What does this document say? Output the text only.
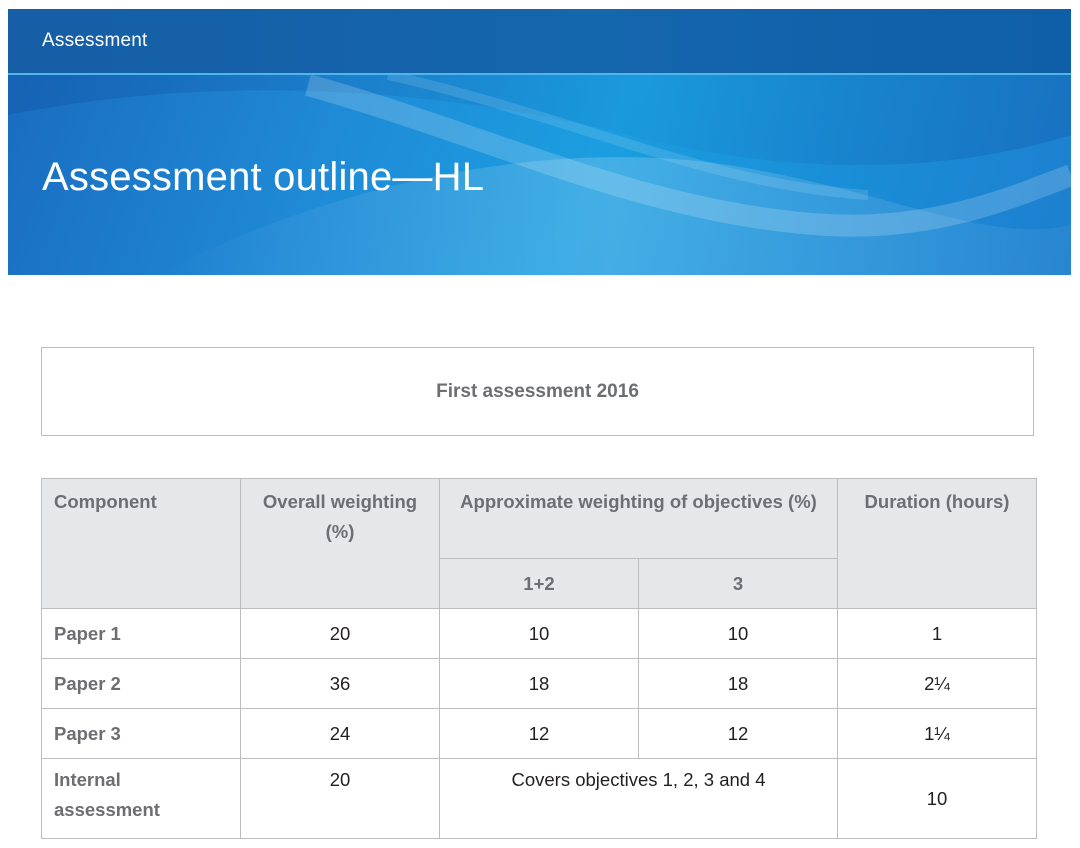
Assessment
Assessment outline—HL
First assessment 2016
Component	Overall weighting (%)	Approximate weighting of objectives (%)		Duration (hours)
		1+2	3	
Paper 1	20	10	10	1
Paper 2	36	18	18	2¼
Paper 3	24	12	12	1¼

Internal assessment	20	Covers objectives 1, 2, 3 and 4		10
